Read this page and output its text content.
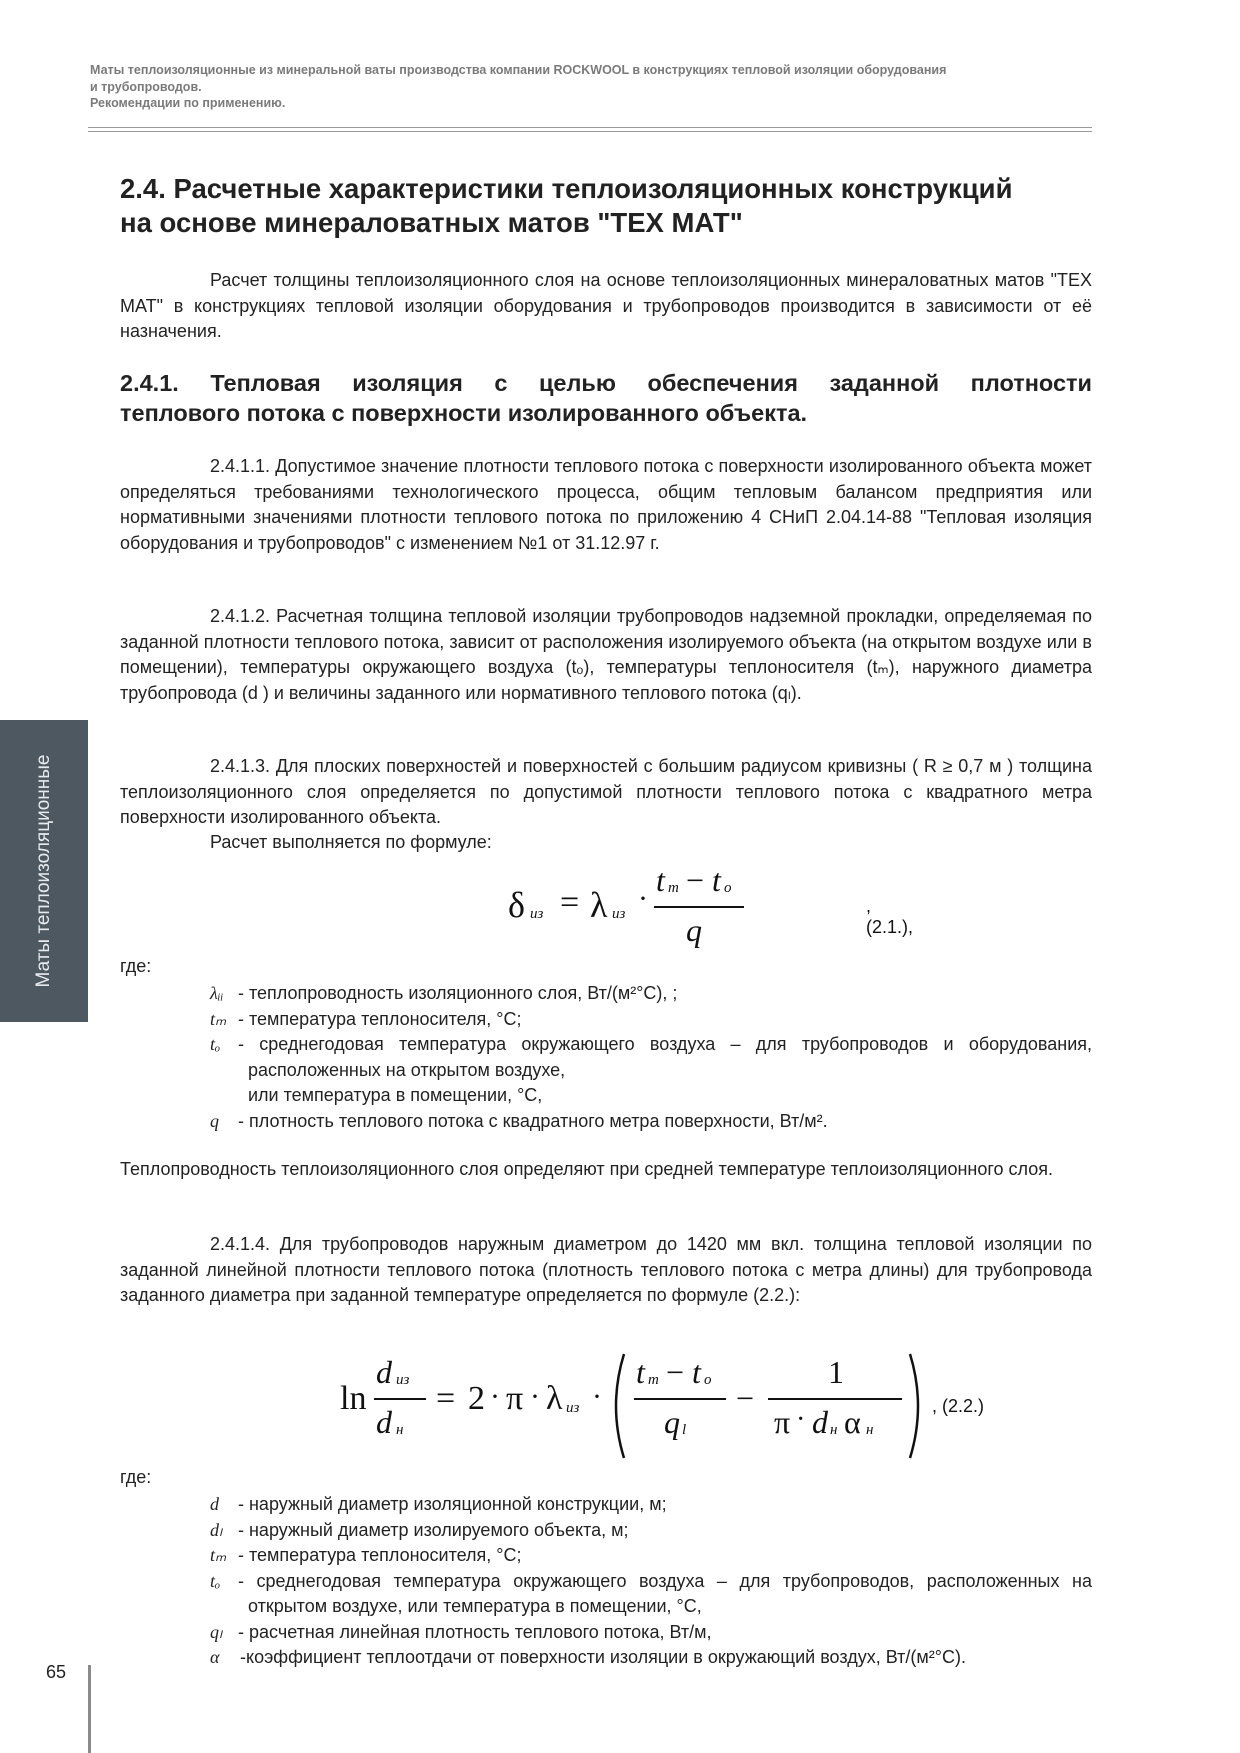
Маты теплоизоляционные из минеральной ваты производства компании ROCKWOOL в конструкциях тепловой изоляции оборудования
и трубопроводов.
Рекомендации по применению.
Маты теплоизоляционные
65
2.4. Расчетные характеристики теплоизоляционных конструкций
на основе минераловатных матов "ТЕХ МАТ"

Расчет толщины теплоизоляционного слоя на основе теплоизоляционных минераловатных матов "ТЕХ МАТ" в конструкциях тепловой изоляции оборудования и трубопроводов производится в зависимости от её назначения.

2.4.1. Тепловая изоляция с целью обеспечения заданной плотности
теплового потока с поверхности изолированного объекта.

2.4.1.1. Допустимое значение плотности теплового потока с поверхности изолированного объекта может определяться требованиями технологического процесса, общим тепловым балансом предприятия или нормативными значениями плотности теплового потока по приложению 4 СНиП 2.04.14-88 "Тепловая изоляция оборудования и трубопроводов" с изменением №1 от 31.12.97 г.

2.4.1.2. Расчетная толщина тепловой изоляции трубопроводов надземной прокладки, определяемая по заданной плотности теплового потока, зависит от расположения изолируемого объекта (на открытом воздухе или в помещении), температуры окружающего воздуха (tₒ), температуры теплоносителя (tₘ), наружного диаметра трубопровода (d ) и величины заданного или нормативного теплового потока (qₗ).

2.4.1.3. Для плоских поверхностей и поверхностей с большим радиусом кривизны ( R ≥ 0,7 м ) толщина теплоизоляционного слоя определяется по допустимой плотности теплового потока с квадратного метра поверхности изолированного объекта.

Расчет выполняется по формуле:

δ из = λ из ·
t m − t o
q
, (2.1.),
где:
λᵢᵢ - теплопроводность изоляционного слоя, Вт/(м²°С), ;
tₘ - температура теплоносителя, °С;
tₒ - среднегодовая температура окружающего воздуха – для трубопроводов и оборудования, расположенных на открытом воздухе,
или температура в помещении, °С,
q - плотность теплового потока с квадратного метра поверхности, Вт/м².

Теплопроводность теплоизоляционного слоя определяют при средней температуре теплоизоляционного слоя.

2.4.1.4. Для трубопроводов наружным диаметром до 1420 мм вкл. толщина тепловой изоляции по заданной линейной плотности теплового потока (плотность теплового потока с метра длины) для трубопровода заданного диаметра при заданной температуре определяется по формуле (2.2.):

ln
d из
d н
= 2 · π · λ из ·
t m − t o
q l
−
1
π · d н α н
, (2.2.)
где:
d - наружный диаметр изоляционной конструкции, м;
dₗ - наружный диаметр изолируемого объекта, м;
tₘ - температура теплоносителя, °С;
tₒ - среднегодовая температура окружающего воздуха – для трубопроводов, расположенных на открытом воздухе, или температура в помещении, °С,
qₗ - расчетная линейная плотность теплового потока, Вт/м,
α -коэффициент теплоотдачи от поверхности изоляции в окружающий воздух, Вт/(м²°С).
